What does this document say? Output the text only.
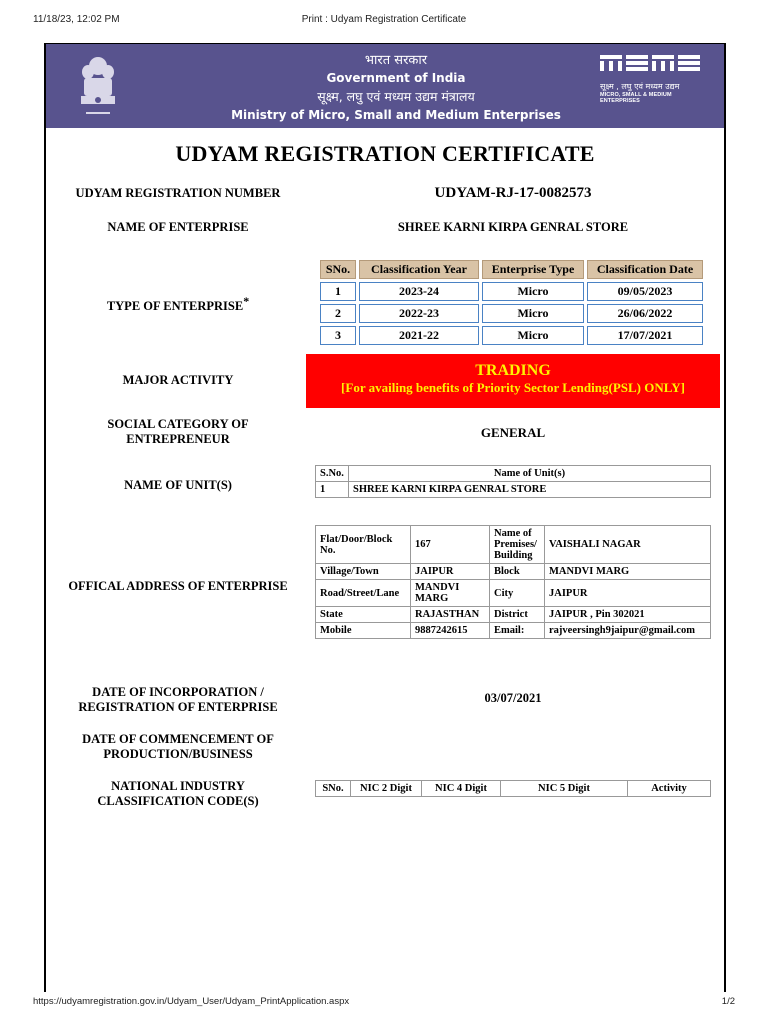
11/18/23, 12:02 PM	Print : Udyam Registration Certificate
भारत सरकार
Government of India
सूक्ष्म, लघु एवं मध्यम उद्यम मंत्रालय
Ministry of Micro, Small and Medium Enterprises
सूक्ष्म , लघु एवं मध्यम उद्यम
MICRO, SMALL & MEDIUM ENTERPRISES
UDYAM REGISTRATION CERTIFICATE
UDYAM REGISTRATION NUMBER	UDYAM-RJ-17-0082573
NAME OF ENTERPRISE	SHREE KARNI KIRPA GENRAL STORE
TYPE OF ENTERPRISE*
SNo.	Classification Year	Enterprise Type	Classification Date
1	2023-24	Micro	09/05/2023
2	2022-23	Micro	26/06/2022
3	2021-22	Micro	17/07/2021
MAJOR ACTIVITY
TRADING
[For availing benefits of Priority Sector Lending(PSL) ONLY]
SOCIAL CATEGORY OF ENTREPRENEUR	GENERAL
NAME OF UNIT(S)
S.No.	Name of Unit(s)
1	SHREE KARNI KIRPA GENRAL STORE
OFFICAL ADDRESS OF ENTERPRISE
Flat/Door/Block No.	167	Name of Premises/ Building	VAISHALI NAGAR
Village/Town	JAIPUR	Block	MANDVI MARG
Road/Street/Lane	MANDVI MARG	City	JAIPUR
State	RAJASTHAN	District	JAIPUR , Pin 302021
Mobile	9887242615	Email:	rajveersingh9jaipur@gmail.com
DATE OF INCORPORATION / REGISTRATION OF ENTERPRISE
03/07/2021
DATE OF COMMENCEMENT OF PRODUCTION/BUSINESS
NATIONAL INDUSTRY CLASSIFICATION CODE(S)
SNo.	NIC 2 Digit	NIC 4 Digit	NIC 5 Digit	Activity
https://udyamregistration.gov.in/Udyam_User/Udyam_PrintApplication.aspx	1/2
